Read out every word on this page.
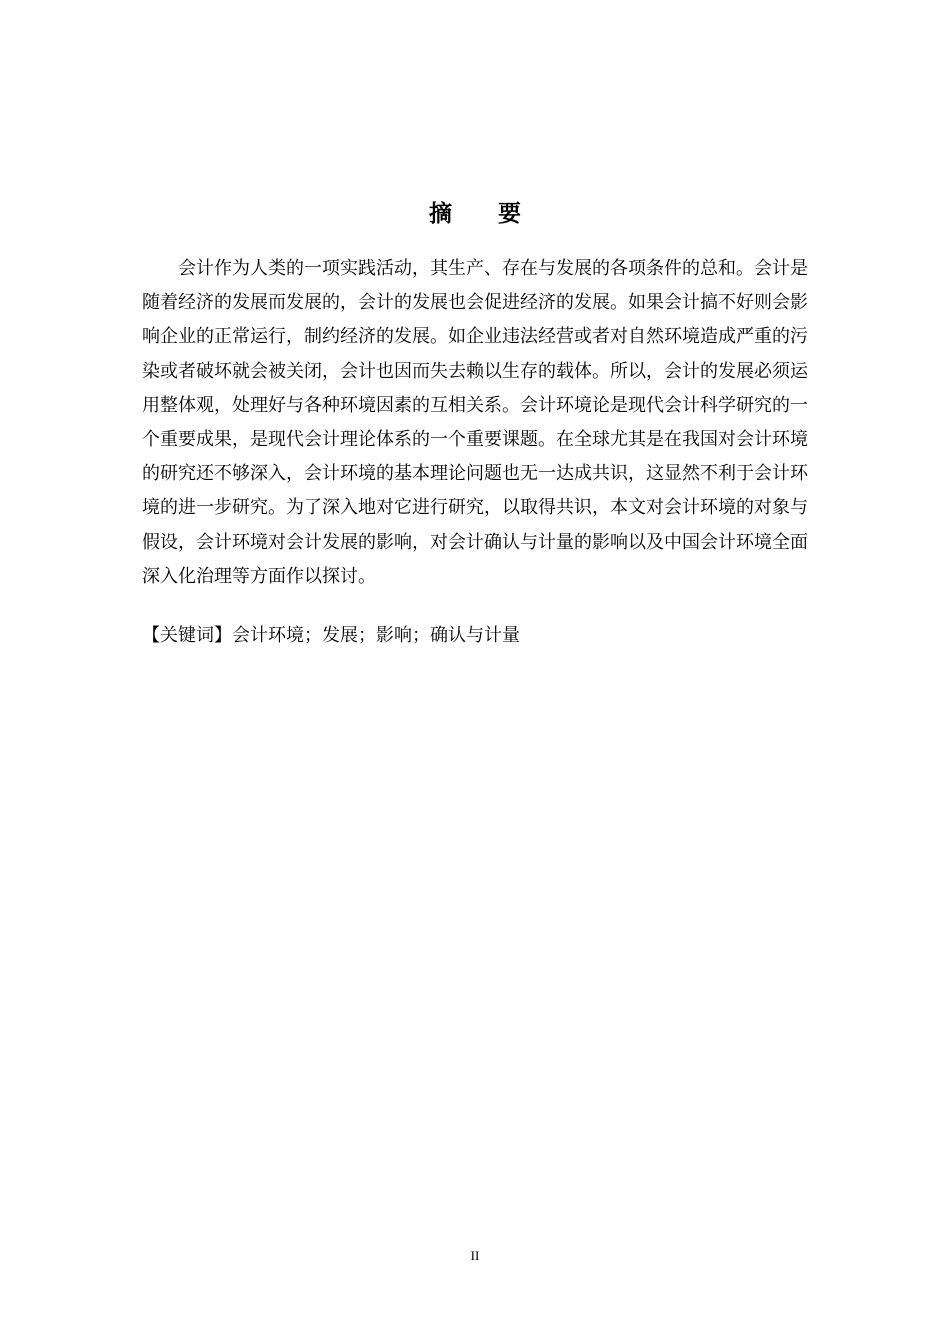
摘 要

会计作为人类的一项实践活动，其生产、存在与发展的各项条件的总和。会计是随着经济的发展而发展的，会计的发展也会促进经济的发展。如果会计搞不好则会影响企业的正常运行，制约经济的发展。如企业违法经营或者对自然环境造成严重的污染或者破坏就会被关闭，会计也因而失去赖以生存的载体。所以，会计的发展必须运用整体观，处理好与各种环境因素的互相关系。会计环境论是现代会计科学研究的一个重要成果，是现代会计理论体系的一个重要课题。在全球尤其是在我国对会计环境的研究还不够深入，会计环境的基本理论问题也无一达成共识，这显然不利于会计环境的进一步研究。为了深入地对它进行研究，以取得共识，本文对会计环境的对象与假设，会计环境对会计发展的影响，对会计确认与计量的影响以及中国会计环境全面深入化治理等方面作以探讨。

【关键词】会计环境；发展；影响；确认与计量

II
